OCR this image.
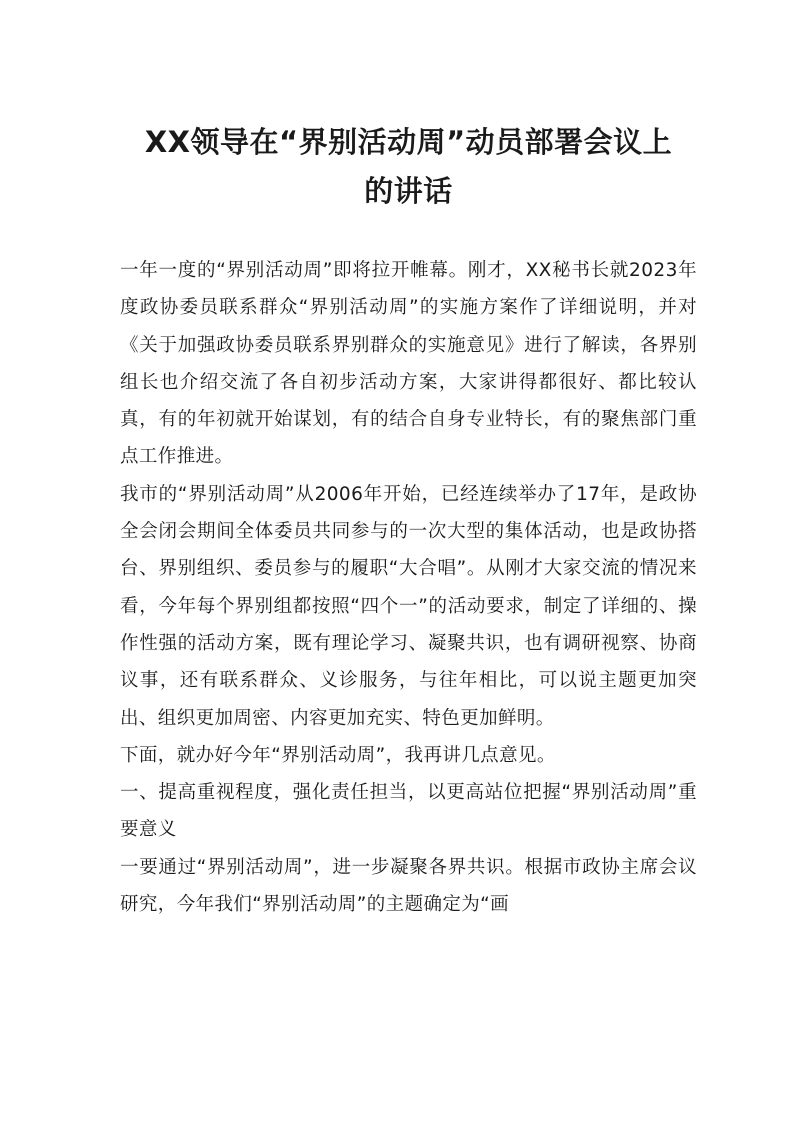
XX领导在“界别活动周”动员部署会议上
的讲话

一年一度的“界别活动周”即将拉开帷幕。刚才，XX秘书长就2023年度政协委员联系群众“界别活动周”的实施方案作了详细说明，并对《关于加强政协委员联系界别群众的实施意见》进行了解读，各界别组长也介绍交流了各自初步活动方案，大家讲得都很好、都比较认真，有的年初就开始谋划，有的结合自身专业特长，有的聚焦部门重点工作推进。

我市的“界别活动周”从2006年开始，已经连续举办了17年，是政协全会闭会期间全体委员共同参与的一次大型的集体活动，也是政协搭台、界别组织、委员参与的履职“大合唱”。从刚才大家交流的情况来看，今年每个界别组都按照“四个一”的活动要求，制定了详细的、操作性强的活动方案，既有理论学习、凝聚共识，也有调研视察、协商议事，还有联系群众、义诊服务，与往年相比，可以说主题更加突出、组织更加周密、内容更加充实、特色更加鲜明。

下面，就办好今年“界别活动周”，我再讲几点意见。

一、提高重视程度，强化责任担当，以更高站位把握“界别活动周”重要意义

一要通过“界别活动周”，进一步凝聚各界共识。根据市政协主席会议研究，今年我们“界别活动周”的主题确定为“画
